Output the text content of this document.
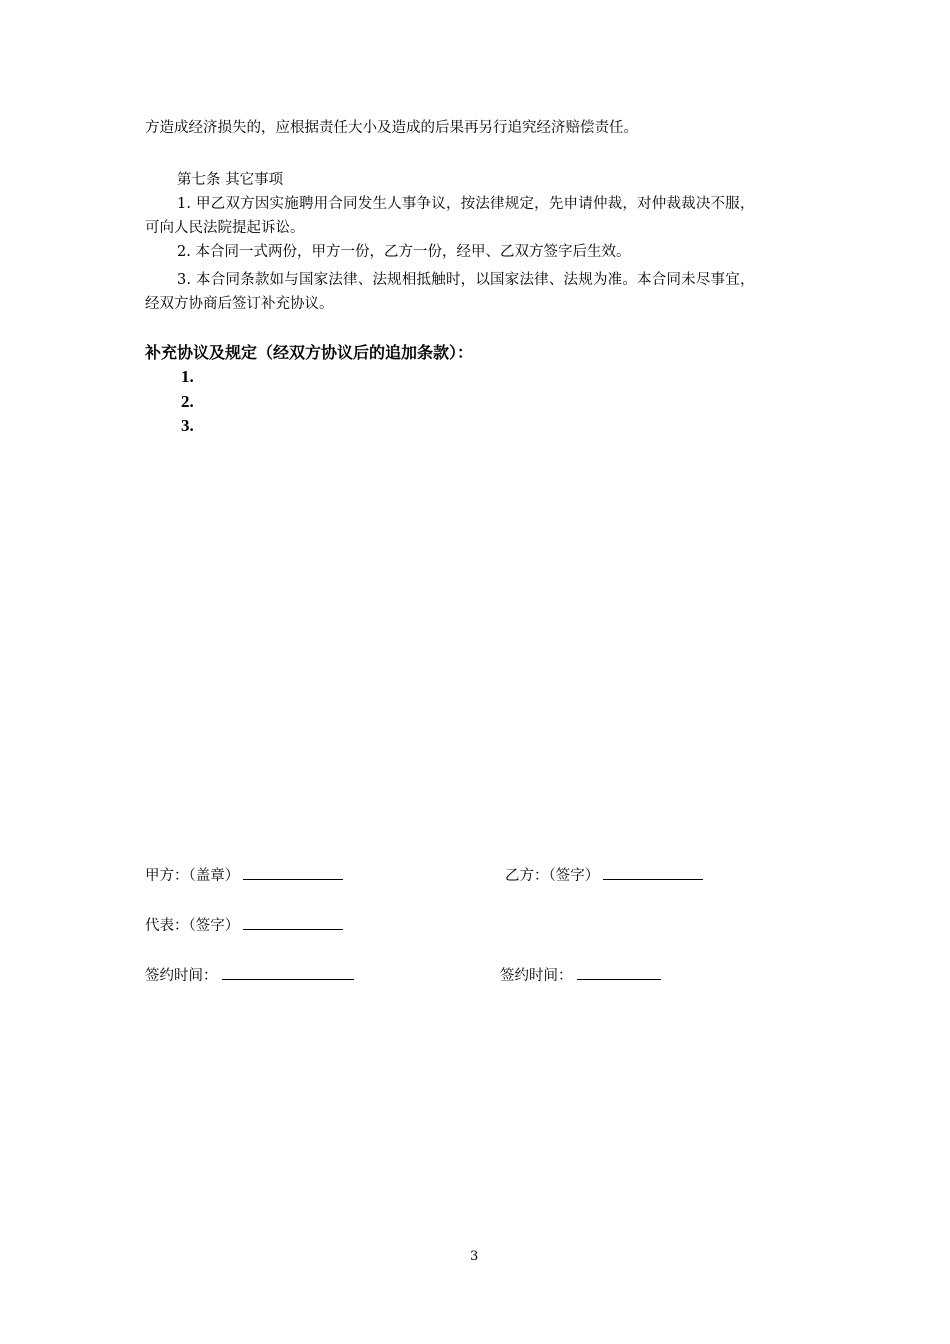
方造成经济损失的，应根据责任大小及造成的后果再另行追究经济赔偿责任。
第七条 其它事项
1. 甲乙双方因实施聘用合同发生人事争议，按法律规定，先申请仲裁，对仲裁裁决不服，
可向人民法院提起诉讼。
2. 本合同一式两份，甲方一份，乙方一份，经甲、乙双方签字后生效。
3. 本合同条款如与国家法律、法规相抵触时，以国家法律、法规为准。本合同未尽事宜，
经双方协商后签订补充协议。
补充协议及规定（经双方协议后的追加条款）：
1.
2.
3.
甲方：（盖章）	乙方：（签字）
代表：（签字）
签约时间：	签约时间：
3
